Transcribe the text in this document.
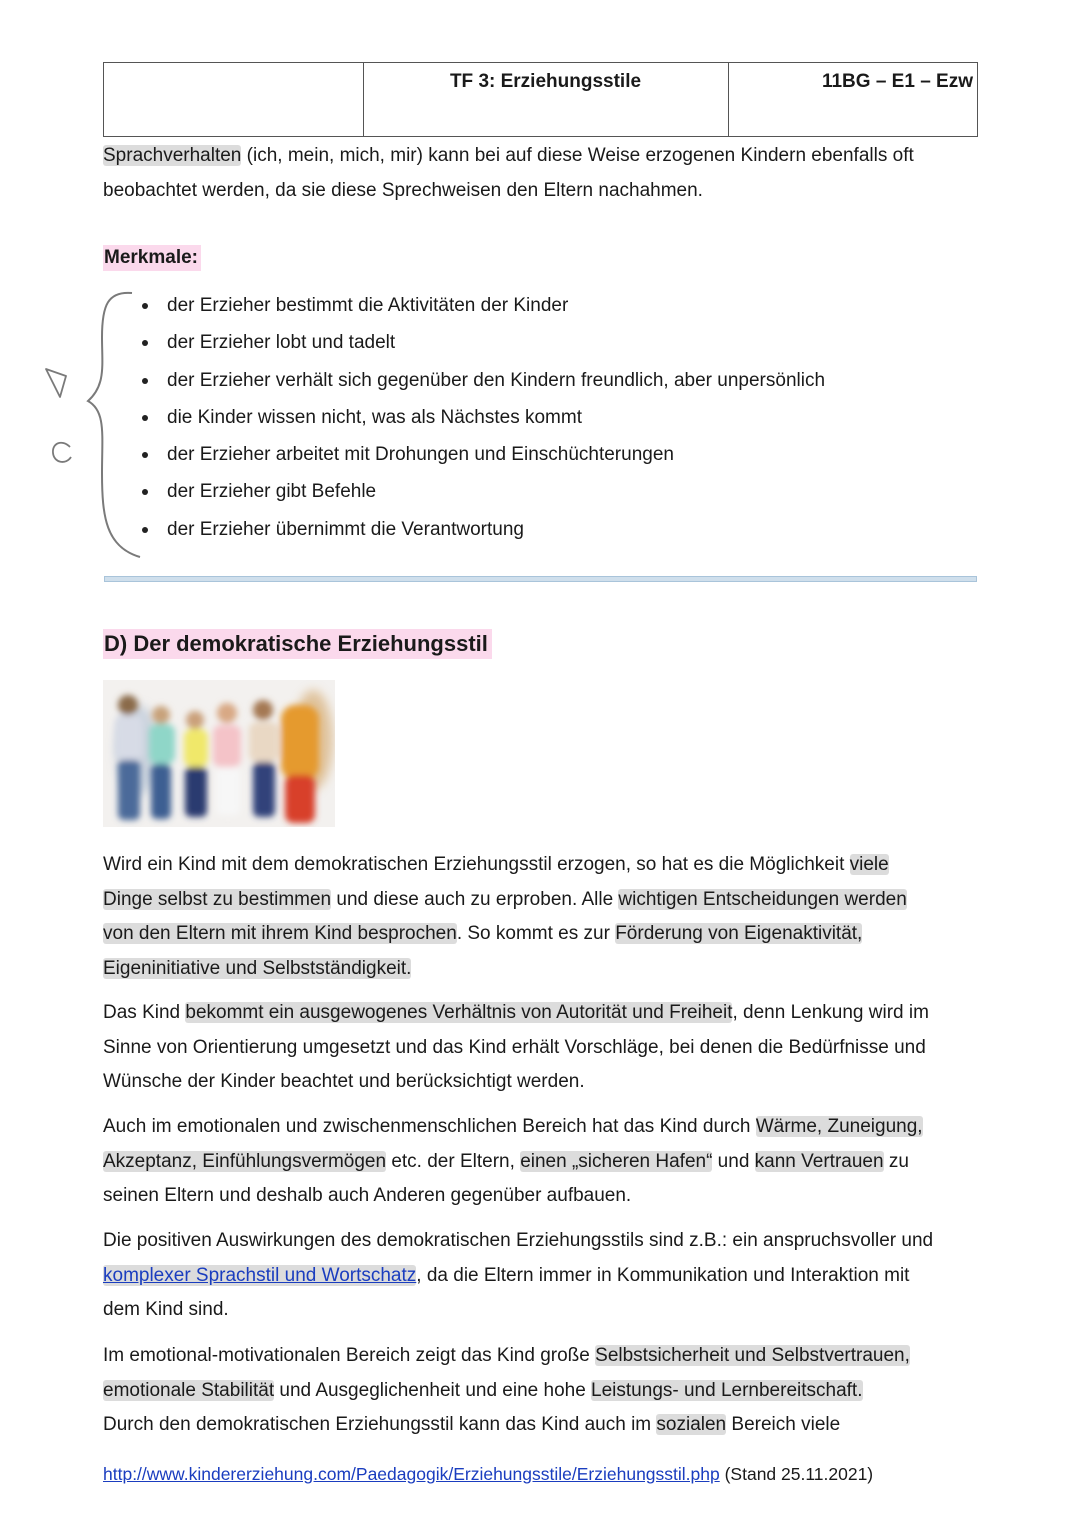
TF 3: Erziehungsstile	11BG – E1 – Ezw
Sprachverhalten (ich, mein, mich, mir) kann bei auf diese Weise erzogenen Kindern ebenfalls oft
beobachtet werden, da sie diese Sprechweisen den Eltern nachahmen.
Merkmale:
der Erzieher bestimmt die Aktivitäten der Kinder
der Erzieher lobt und tadelt
der Erzieher verhält sich gegenüber den Kindern freundlich, aber unpersönlich
die Kinder wissen nicht, was als Nächstes kommt
der Erzieher arbeitet mit Drohungen und Einschüchterungen
der Erzieher gibt Befehle
der Erzieher übernimmt die Verantwortung
D) Der demokratische Erziehungsstil
Wird ein Kind mit dem demokratischen Erziehungsstil erzogen, so hat es die Möglichkeit viele
Dinge selbst zu bestimmen und diese auch zu erproben. Alle wichtigen Entscheidungen werden
von den Eltern mit ihrem Kind besprochen. So kommt es zur Förderung von Eigenaktivität,
Eigeninitiative und Selbstständigkeit.
Das Kind bekommt ein ausgewogenes Verhältnis von Autorität und Freiheit, denn Lenkung wird im
Sinne von Orientierung umgesetzt und das Kind erhält Vorschläge, bei denen die Bedürfnisse und
Wünsche der Kinder beachtet und berücksichtigt werden.
Auch im emotionalen und zwischenmenschlichen Bereich hat das Kind durch Wärme, Zuneigung,
Akzeptanz, Einfühlungsvermögen etc. der Eltern, einen „sicheren Hafen“ und kann Vertrauen zu
seinen Eltern und deshalb auch Anderen gegenüber aufbauen.
Die positiven Auswirkungen des demokratischen Erziehungsstils sind z.B.: ein anspruchsvoller und
komplexer Sprachstil und Wortschatz, da die Eltern immer in Kommunikation und Interaktion mit
dem Kind sind.
Im emotional-motivationalen Bereich zeigt das Kind große Selbstsicherheit und Selbstvertrauen,
emotionale Stabilität und Ausgeglichenheit und eine hohe Leistungs- und Lernbereitschaft.
Durch den demokratischen Erziehungsstil kann das Kind auch im sozialen Bereich viele
http://www.kindererziehung.com/Paedagogik/Erziehungsstile/Erziehungsstil.php (Stand 25.11.2021)
